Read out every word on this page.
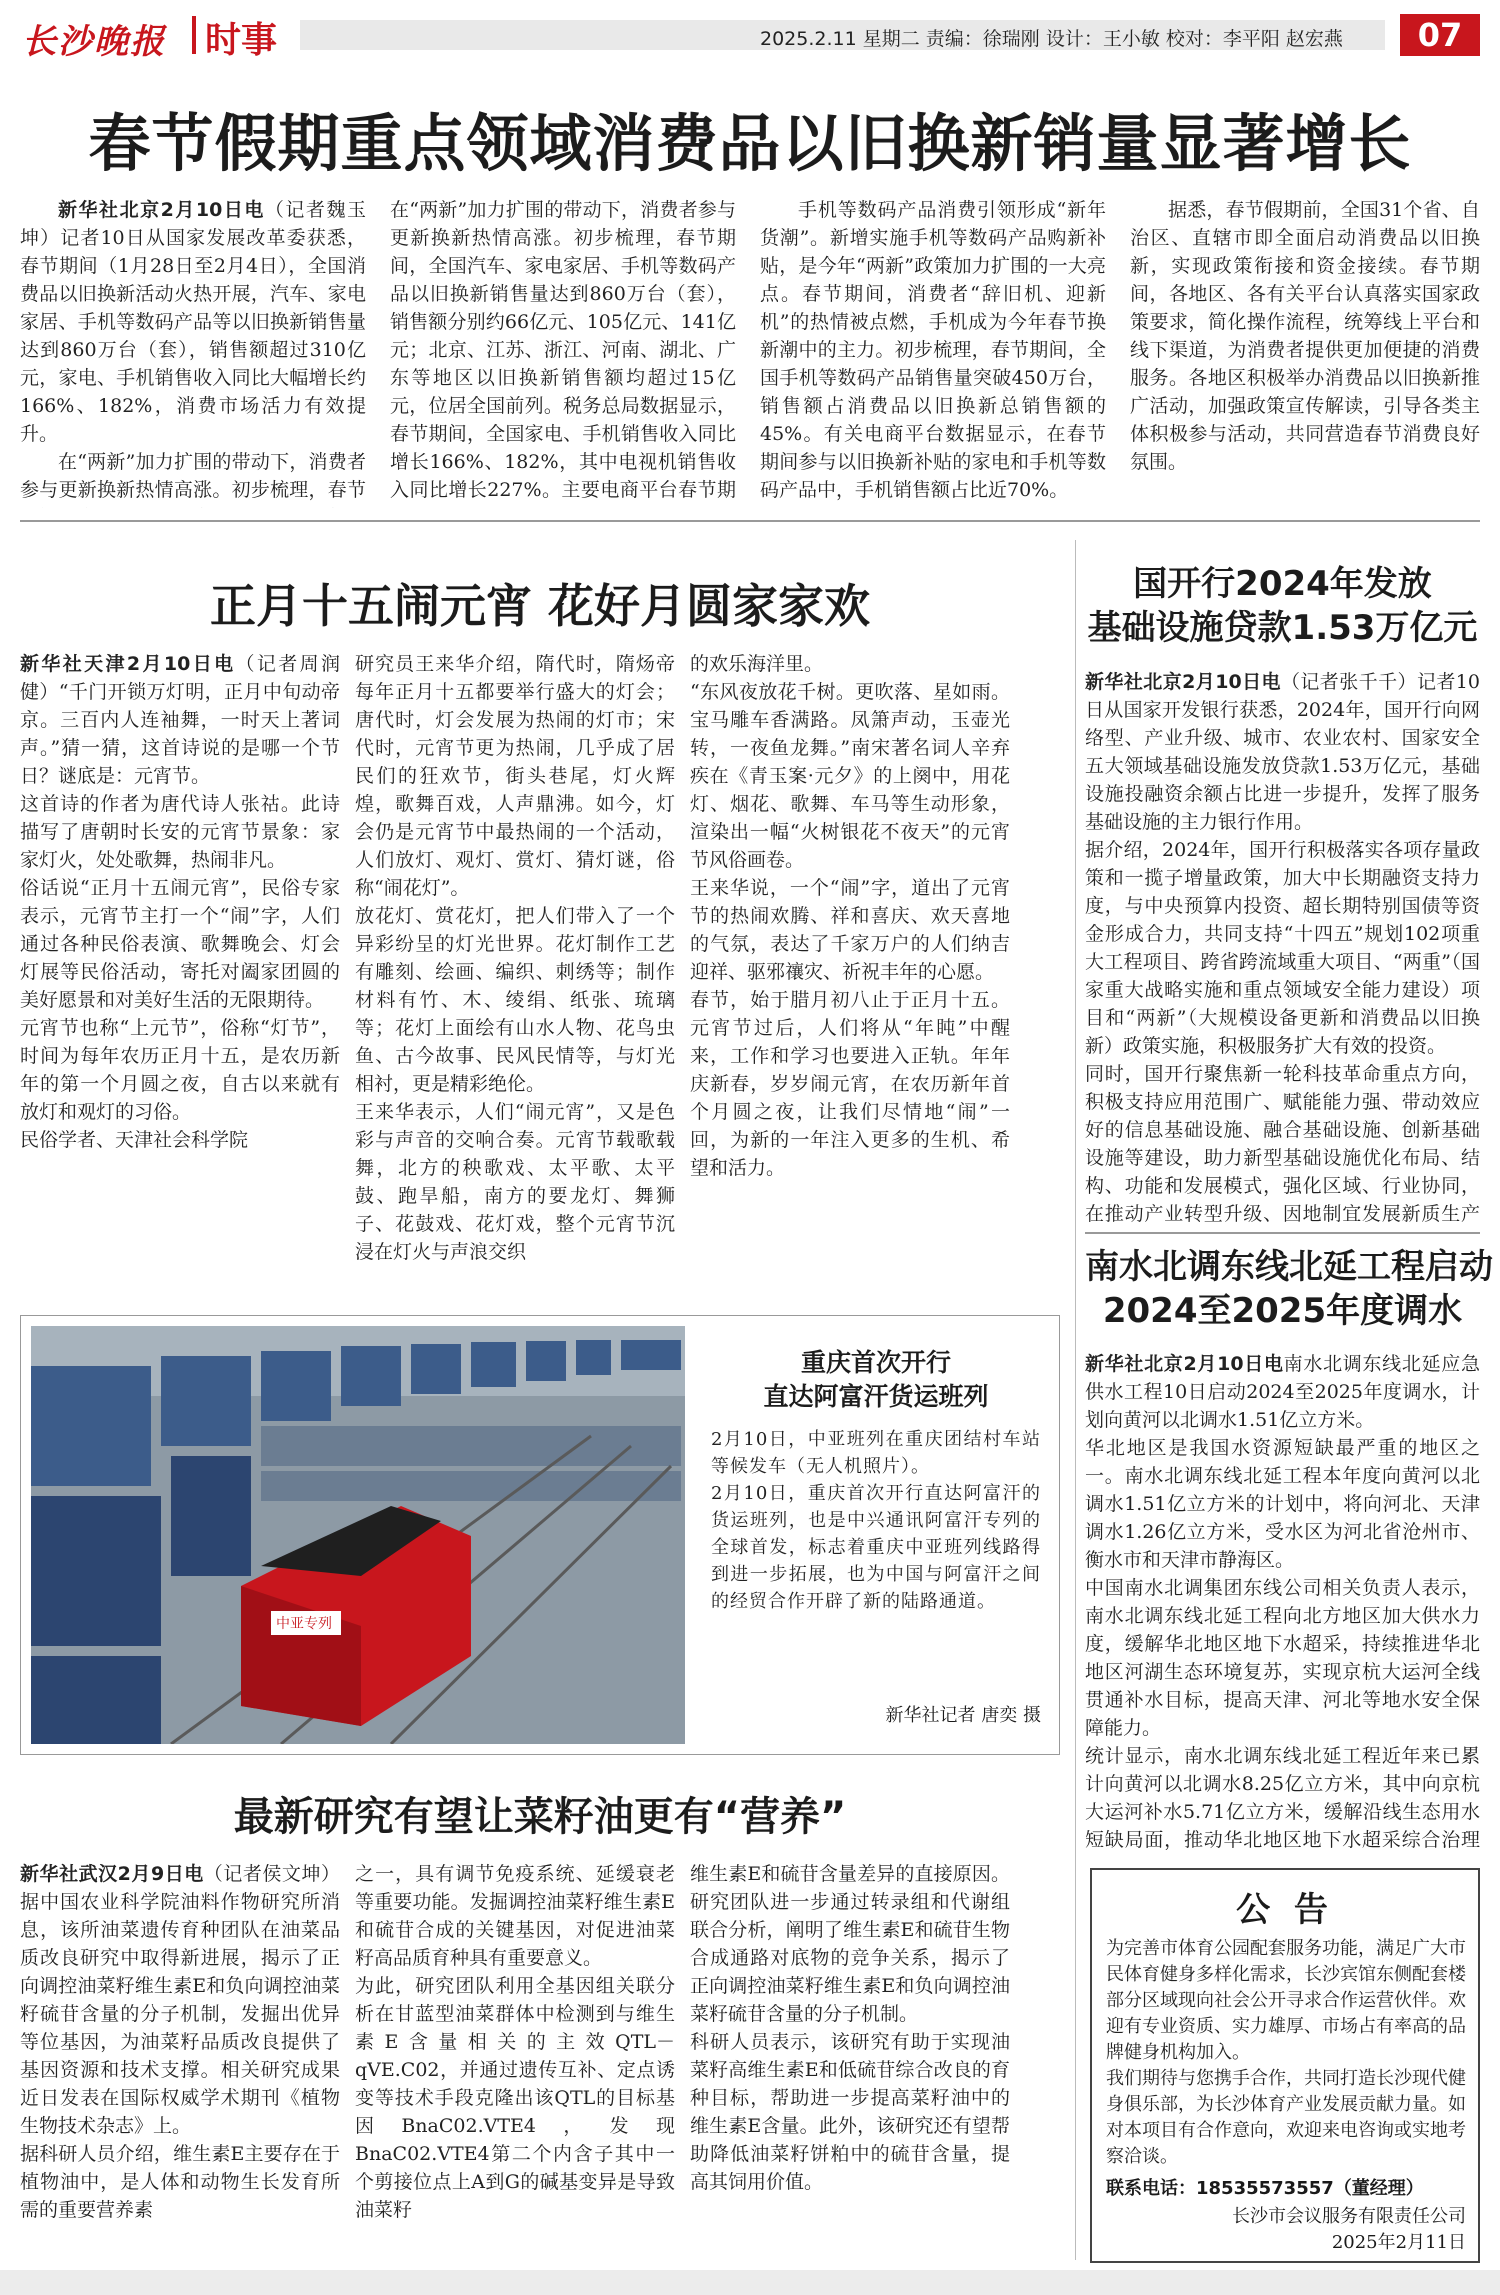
长沙晚报 时事	2025.2.11 星期二 责编：徐瑞刚 设计：王小敏 校对：李平阳 赵宏燕	07
春节假期重点领域消费品以旧换新销量显著增长

新华社北京2月10日电（记者魏玉坤）记者10日从国家发展改革委获悉，春节期间（1月28日至2月4日），全国消费品以旧换新活动火热开展，汽车、家电家居、手机等数码产品等以旧换新销售量达到860万台（套），销售额超过310亿元，家电、手机销售收入同比大幅增长约166%、182%，消费市场活力有效提升。

在“两新”加力扩围的带动下，消费者参与更新换新热情高涨。初步梳理，春节

在“两新”加力扩围的带动下，消费者参与更新换新热情高涨。初步梳理，春节期间，全国汽车、家电家居、手机等数码产品以旧换新销售量达到860万台（套），销售额分别约66亿元、105亿元、141亿元；北京、江苏、浙江、河南、湖北、广东等地区以旧换新销售额均超过15亿元，位居全国前列。税务总局数据显示，春节期间，全国家电、手机销售收入同比增长166%、182%，其中电视机销售收入同比增长227%。主要电商平台春节期

手机等数码产品消费引领形成“新年货潮”。新增实施手机等数码产品购新补贴，是今年“两新”政策加力扩围的一大亮点。春节期间，消费者“辞旧机、迎新机”的热情被点燃，手机成为今年春节换新潮中的主力。初步梳理，春节期间，全国手机等数码产品销售量突破450万台，销售额占消费品以旧换新总销售额的45%。有关电商平台数据显示，在春节期间参与以旧换新补贴的家电和手机等数码产品中，手机销售额占比近70%。

据悉，春节假期前，全国31个省、自治区、直辖市即全面启动消费品以旧换新，实现政策衔接和资金接续。春节期间，各地区、各有关平台认真落实国家政策要求，简化操作流程，统筹线上平台和线下渠道，为消费者提供更加便捷的消费服务。各地区积极举办消费品以旧换新推广活动，加强政策宣传解读，引导各类主体积极参与活动，共同营造春节消费良好氛围。

正月十五闹元宵 花好月圆家家欢
新华社天津2月10日电（记者周润健）“千门开锁万灯明，正月中旬动帝京。三百内人连袖舞，一时天上著词声。”猜一猜，这首诗说的是哪一个节日？谜底是：元宵节。
这首诗的作者为唐代诗人张祜。此诗描写了唐朝时长安的元宵节景象：家家灯火，处处歌舞，热闹非凡。
俗话说“正月十五闹元宵”，民俗专家表示，元宵节主打一个“闹”字，人们通过各种民俗表演、歌舞晚会、灯会灯展等民俗活动，寄托对阖家团圆的美好愿景和对美好生活的无限期待。
元宵节也称“上元节”，俗称“灯节”，时间为每年农历正月十五，是农历新年的第一个月圆之夜，自古以来就有放灯和观灯的习俗。
民俗学者、天津社会科学院
研究员王来华介绍，隋代时，隋炀帝每年正月十五都要举行盛大的灯会；唐代时，灯会发展为热闹的灯市；宋代时，元宵节更为热闹，几乎成了居民们的狂欢节，街头巷尾，灯火辉煌，歌舞百戏，人声鼎沸。如今，灯会仍是元宵节中最热闹的一个活动，人们放灯、观灯、赏灯、猜灯谜，俗称“闹花灯”。
放花灯、赏花灯，把人们带入了一个异彩纷呈的灯光世界。花灯制作工艺有雕刻、绘画、编织、刺绣等；制作材料有竹、木、绫绢、纸张、琉璃等；花灯上面绘有山水人物、花鸟虫鱼、古今故事、民风民情等，与灯光相衬，更是精彩绝伦。
王来华表示，人们“闹元宵”，又是色彩与声音的交响合奏。元宵节载歌载舞，北方的秧歌戏、太平歌、太平鼓、跑旱船，南方的要龙灯、舞狮子、花鼓戏、花灯戏，整个元宵节沉浸在灯火与声浪交织
的欢乐海洋里。
“东风夜放花千树。更吹落、星如雨。宝马雕车香满路。凤箫声动，玉壶光转，一夜鱼龙舞。”南宋著名词人辛弃疾在《青玉案·元夕》的上阕中，用花灯、烟花、歌舞、车马等生动形象，渲染出一幅“火树银花不夜天”的元宵节风俗画卷。
王来华说，一个“闹”字，道出了元宵节的热闹欢腾、祥和喜庆、欢天喜地的气氛，表达了千家万户的人们纳吉迎祥、驱邪禳灾、祈祝丰年的心愿。
春节，始于腊月初八止于正月十五。元宵节过后，人们将从“年盹”中醒来，工作和学习也要进入正轨。年年庆新春，岁岁闹元宵，在农历新年首个月圆之夜，让我们尽情地“闹”一回，为新的一年注入更多的生机、希望和活力。
中亚专列
重庆首次开行
直达阿富汗货运班列
2月10日，中亚班列在重庆团结村车站等候发车（无人机照片）。
2月10日，重庆首次开行直达阿富汗的货运班列，也是中兴通讯阿富汗专列的全球首发，标志着重庆中亚班列线路得到进一步拓展，也为中国与阿富汗之间的经贸合作开辟了新的陆路通道。
新华社记者 唐奕 摄
最新研究有望让菜籽油更有“营养”
新华社武汉2月9日电（记者侯文坤）据中国农业科学院油料作物研究所消息，该所油菜遗传育种团队在油菜品质改良研究中取得新进展，揭示了正向调控油菜籽维生素E和负向调控油菜籽硫苷含量的分子机制，发掘出优异等位基因，为油菜籽品质改良提供了基因资源和技术支撑。相关研究成果近日发表在国际权威学术期刊《植物生物技术杂志》上。
据科研人员介绍，维生素E主要存在于植物油中，是人体和动物生长发育所需的重要营养素
之一，具有调节免疫系统、延缓衰老等重要功能。发掘调控油菜籽维生素E和硫苷合成的关键基因，对促进油菜籽高品质育种具有重要意义。
为此，研究团队利用全基因组关联分析在甘蓝型油菜群体中检测到与维生素E含量相关的主效QTL－qVE.C02，并通过遗传互补、定点诱变等技术手段克隆出该QTL的目标基因BnaC02.VTE4，发现BnaC02.VTE4第二个内含子其中一个剪接位点上A到G的碱基变异是导致油菜籽
维生素E和硫苷含量差异的直接原因。研究团队进一步通过转录组和代谢组联合分析，阐明了维生素E和硫苷生物合成通路对底物的竞争关系，揭示了正向调控油菜籽维生素E和负向调控油菜籽硫苷含量的分子机制。
科研人员表示，该研究有助于实现油菜籽高维生素E和低硫苷综合改良的育种目标，帮助进一步提高菜籽油中的维生素E含量。此外，该研究还有望帮助降低油菜籽饼粕中的硫苷含量，提高其饲用价值。
国开行2024年发放
基础设施贷款1.53万亿元
新华社北京2月10日电（记者张千千）记者10日从国家开发银行获悉，2024年，国开行向网络型、产业升级、城市、农业农村、国家安全五大领域基础设施发放贷款1.53万亿元，基础设施投融资余额占比进一步提升，发挥了服务基础设施的主力银行作用。
据介绍，2024年，国开行积极落实各项存量政策和一揽子增量政策，加大中长期融资支持力度，与中央预算内投资、超长期特别国债等资金形成合力，共同支持“十四五”规划102项重大工程项目、跨省跨流域重大项目、“两重”（国家重大战略实施和重点领域安全能力建设）项目和“两新”（大规模设备更新和消费品以旧换新）政策实施，积极服务扩大有效的投资。
同时，国开行聚焦新一轮科技革命重点方向，积极支持应用范围广、赋能能力强、带动效应好的信息基础设施、融合基础设施、创新基础设施等建设，助力新型基础设施优化布局、结构、功能和发展模式，强化区域、行业协同，在推动产业转型升级、因地制宜发展新质生产
南水北调东线北延工程启动
2024至2025年度调水
新华社北京2月10日电南水北调东线北延应急供水工程10日启动2024至2025年度调水，计划向黄河以北调水1.51亿立方米。
华北地区是我国水资源短缺最严重的地区之一。南水北调东线北延工程本年度向黄河以北调水1.51亿立方米的计划中，将向河北、天津调水1.26亿立方米，受水区为河北省沧州市、衡水市和天津市静海区。
中国南水北调集团东线公司相关负责人表示，南水北调东线北延工程向北方地区加大供水力度，缓解华北地区地下水超采，持续推进华北地区河湖生态环境复苏，实现京杭大运河全线贯通补水目标，提高天津、河北等地水安全保障能力。
统计显示，南水北调东线北延工程近年来已累计向黄河以北调水8.25亿立方米，其中向京杭大运河补水5.71亿立方米，缓解沿线生态用水短缺局面，推动华北地区地下水超采综合治理
公 告
为完善市体育公园配套服务功能，满足广大市民体育健身多样化需求，长沙宾馆东侧配套楼部分区域现向社会公开寻求合作运营伙伴。欢迎有专业资质、实力雄厚、市场占有率高的品牌健身机构加入。
我们期待与您携手合作，共同打造长沙现代健身俱乐部，为长沙体育产业发展贡献力量。如对本项目有合作意向，欢迎来电咨询或实地考察洽谈。
联系电话：18535573557（董经理）
长沙市会议服务有限责任公司
2025年2月11日
